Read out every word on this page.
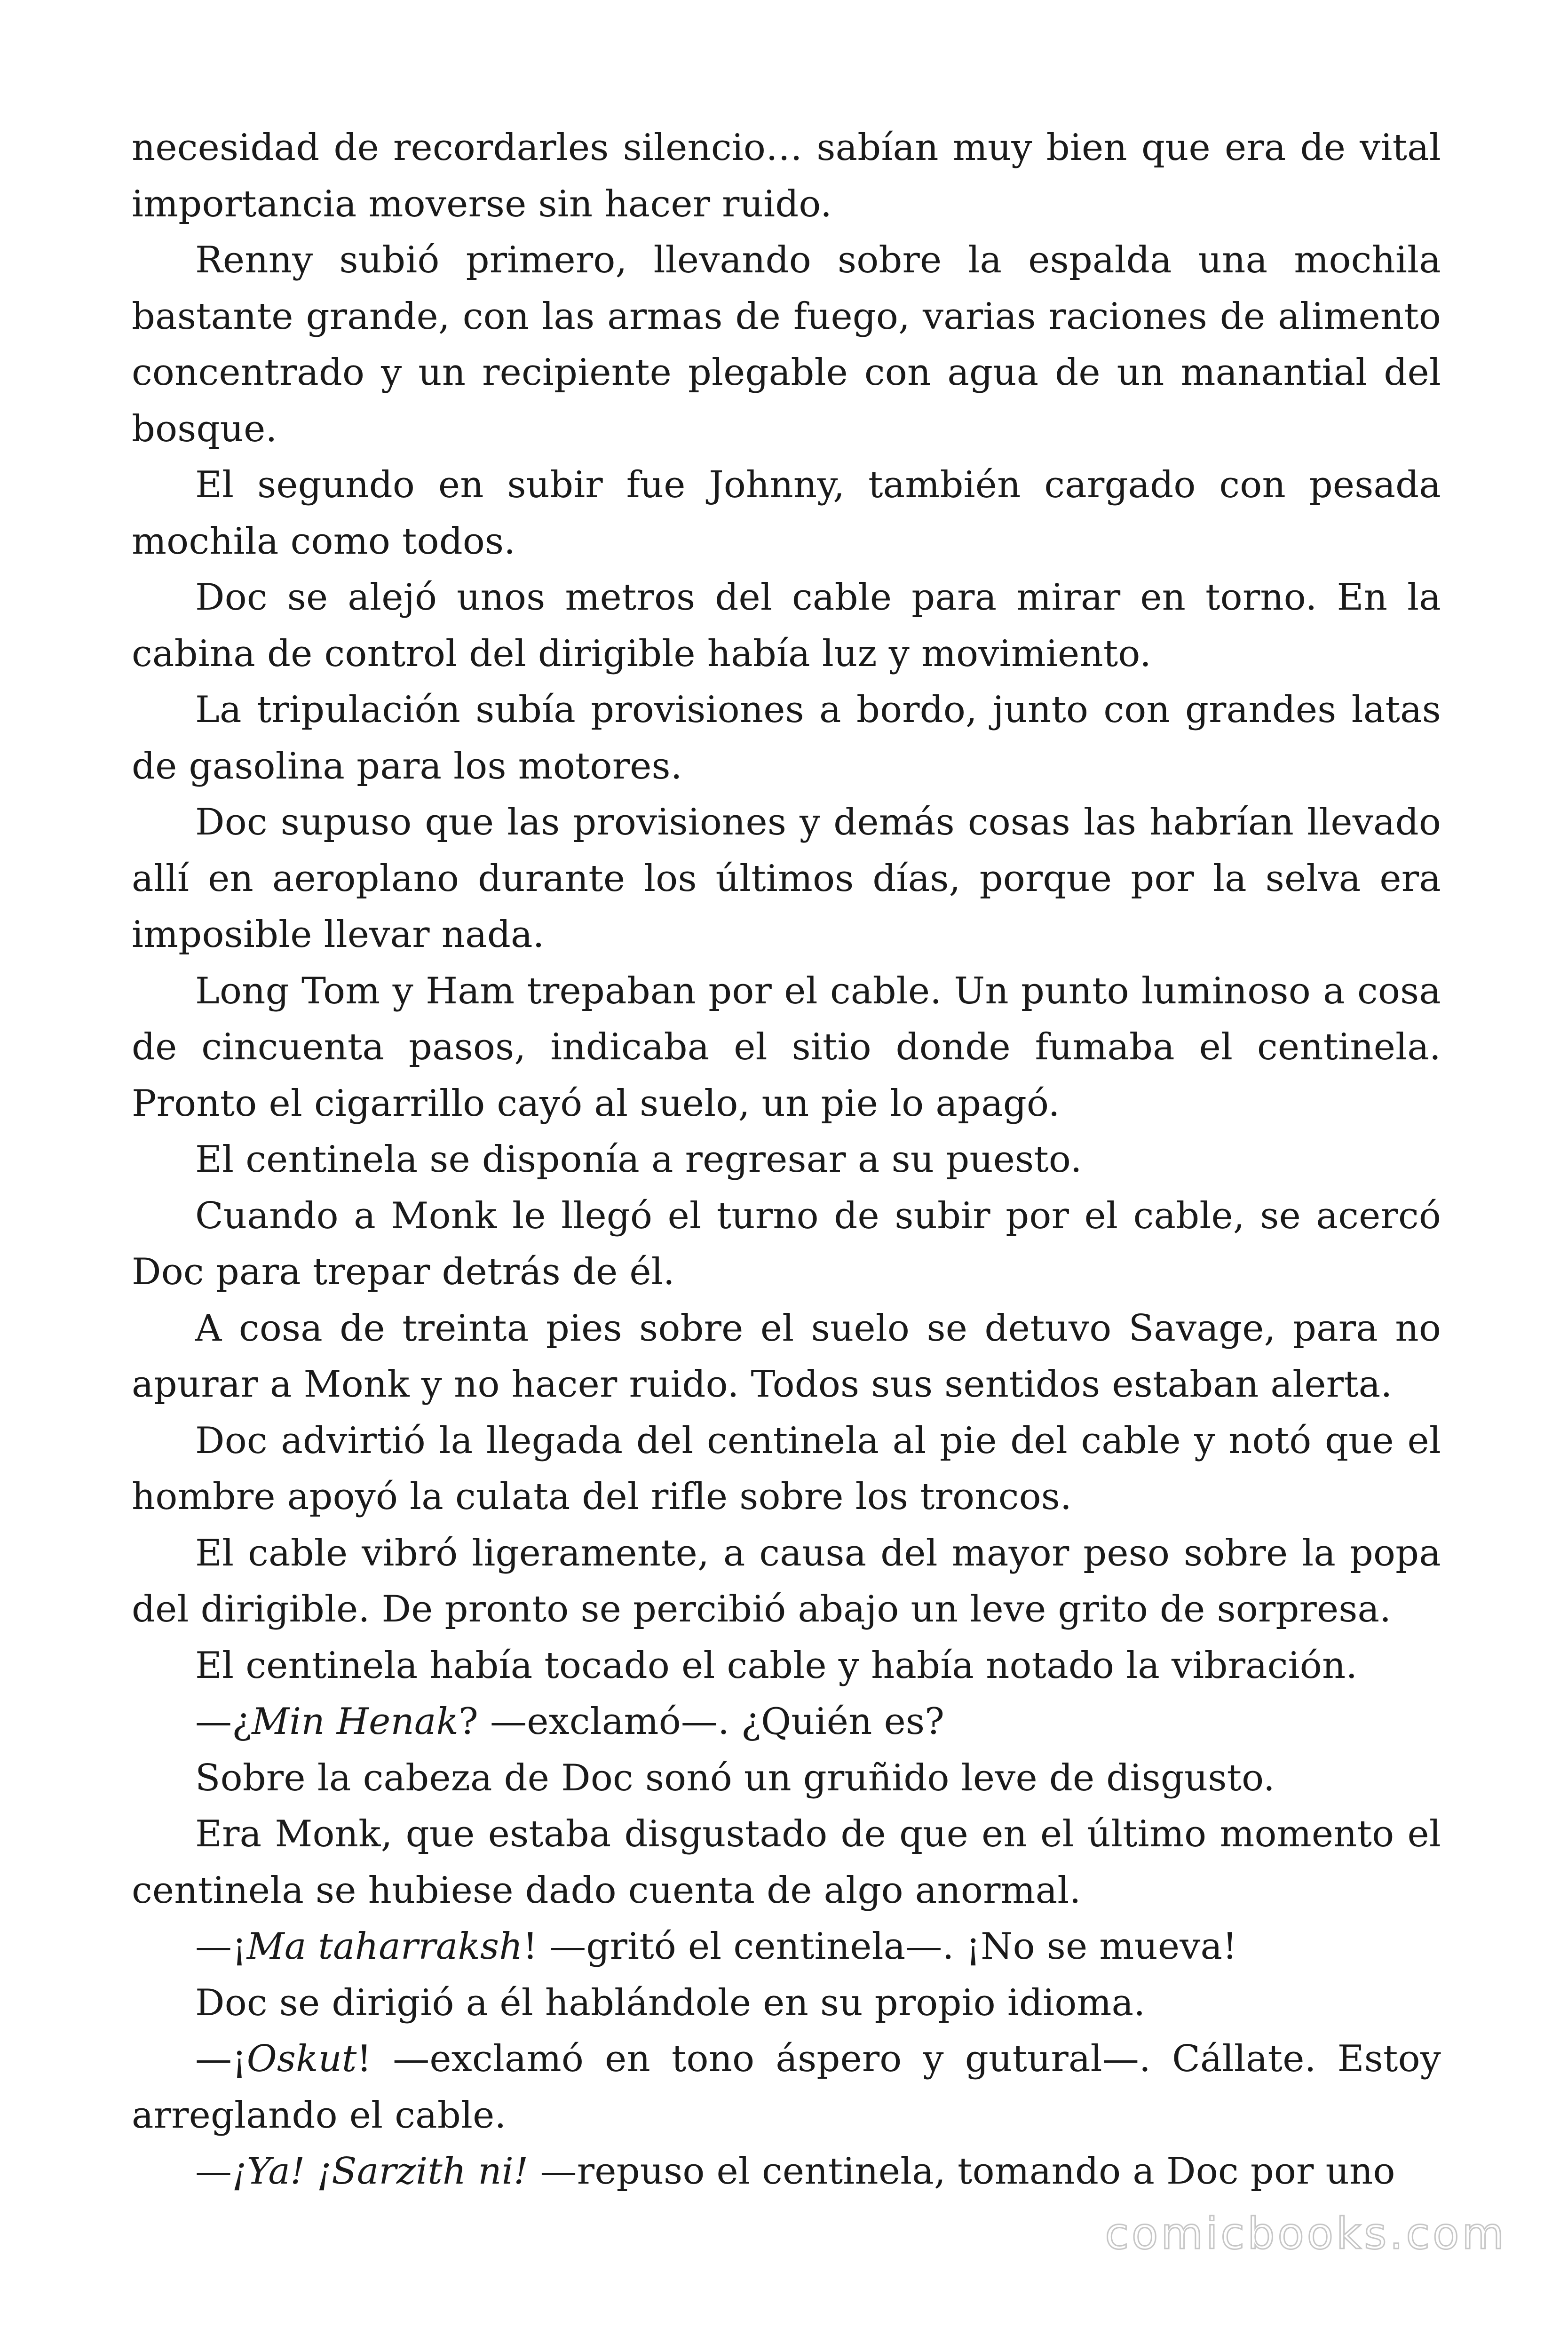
necesidad de recordarles silencio… sabían muy bien que era de vital importancia moverse sin hacer ruido.

Renny subió primero, llevando sobre la espalda una mochila bastante grande, con las armas de fuego, varias raciones de alimento concentrado y un recipiente plegable con agua de un manantial del bosque.

El segundo en subir fue Johnny, también cargado con pesada mochila como todos.

Doc se alejó unos metros del cable para mirar en torno. En la cabina de control del dirigible había luz y movimiento.

La tripulación subía provisiones a bordo, junto con grandes latas de gasolina para los motores.

Doc supuso que las provisiones y demás cosas las habrían llevado allí en aeroplano durante los últimos días, porque por la selva era imposible llevar nada.

Long Tom y Ham trepaban por el cable. Un punto luminoso a cosa de cincuenta pasos, indicaba el sitio donde fumaba el centinela. Pronto el cigarrillo cayó al suelo, un pie lo apagó.

El centinela se disponía a regresar a su puesto.

Cuando a Monk le llegó el turno de subir por el cable, se acercó Doc para trepar detrás de él.

A cosa de treinta pies sobre el suelo se detuvo Savage, para no apurar a Monk y no hacer ruido. Todos sus sentidos estaban alerta.

Doc advirtió la llegada del centinela al pie del cable y notó que el hombre apoyó la culata del rifle sobre los troncos.

El cable vibró ligeramente, a causa del mayor peso sobre la popa del dirigible. De pronto se percibió abajo un leve grito de sorpresa.

El centinela había tocado el cable y había notado la vibración.

—¿Min Henak? —exclamó—. ¿Quién es?

Sobre la cabeza de Doc sonó un gruñido leve de disgusto.

Era Monk, que estaba disgustado de que en el último momento el centinela se hubiese dado cuenta de algo anormal.

—¡Ma taharraksh! —gritó el centinela—. ¡No se mueva!

Doc se dirigió a él hablándole en su propio idioma.

—¡Oskut! —exclamó en tono áspero y gutural—. Cállate. Estoy arreglando el cable.

—¡Ya! ¡Sarzith ni! —repuso el centinela, tomando a Doc por uno

comicbooks.com
